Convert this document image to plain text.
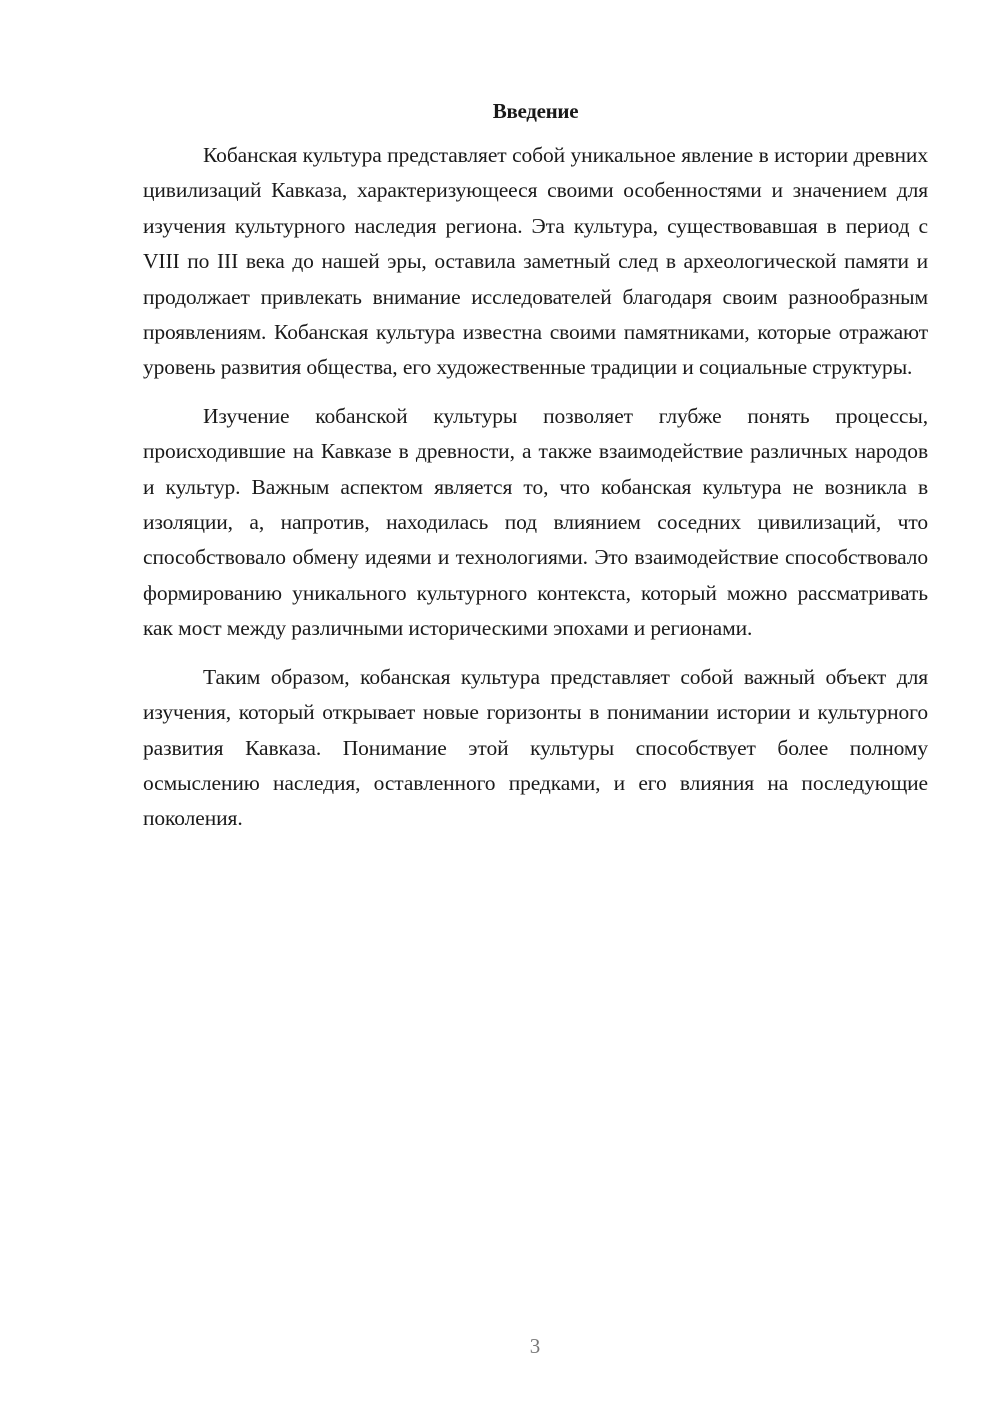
Введение

Кобанская культура представляет собой уникальное явление в истории древних цивилизаций Кавказа, характеризующееся своими особенностями и значением для изучения культурного наследия региона. Эта культура, существовавшая в период с VIII по III века до нашей эры, оставила заметный след в археологической памяти и продолжает привлекать внимание исследователей благодаря своим разнообразным проявлениям. Кобанская культура известна своими памятниками, которые отражают уровень развития общества, его художественные традиции и социальные структуры.

Изучение кобанской культуры позволяет глубже понять процессы, происходившие на Кавказе в древности, а также взаимодействие различных народов и культур. Важным аспектом является то, что кобанская культура не возникла в изоляции, а, напротив, находилась под влиянием соседних цивилизаций, что способствовало обмену идеями и технологиями. Это взаимодействие способствовало формированию уникального культурного контекста, который можно рассматривать как мост между различными историческими эпохами и регионами.

Таким образом, кобанская культура представляет собой важный объект для изучения, который открывает новые горизонты в понимании истории и культурного развития Кавказа. Понимание этой культуры способствует более полному осмыслению наследия, оставленного предками, и его влияния на последующие поколения.

3
